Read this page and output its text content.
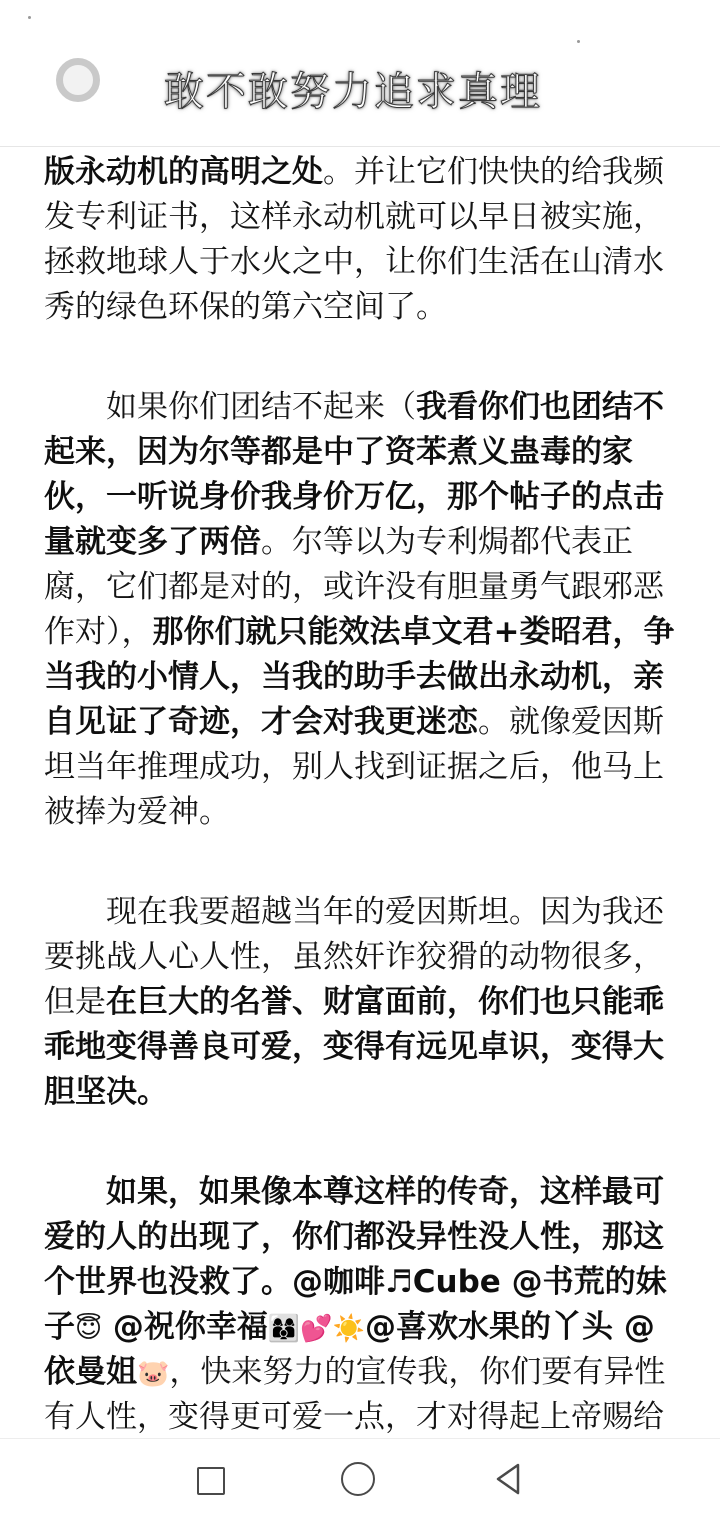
敢不敢努力追求真理

版永动机的高明之处。并让它们快快的给我频发专利证书，这样永动机就可以早日被实施，拯救地球人于水火之中，让你们生活在山清水秀的绿色环保的第六空间了。

如果你们团结不起来（我看你们也团结不起来，因为尔等都是中了资苯煮义蛊毒的家伙，一听说身价我身价万亿，那个帖子的点击量就变多了两倍。尔等以为专利焗都代表正腐，它们都是对的，或许没有胆量勇气跟邪恶作对），那你们就只能效法卓文君+娄昭君，争当我的小情人，当我的助手去做出永动机，亲自见证了奇迹，才会对我更迷恋。就像爱因斯坦当年推理成功，别人找到证据之后，他马上被捧为爱神。

现在我要超越当年的爱因斯坦。因为我还要挑战人心人性，虽然奸诈狡猾的动物很多，但是在巨大的名誉、财富面前，你们也只能乖乖地变得善良可爱，变得有远见卓识，变得大胆坚决。

如果，如果像本尊这样的传奇，这样最可爱的人的出现了，你们都没异性没人性，那这个世界也没救了。@咖啡♬Cube @书荒的妹子😇 @祝你幸福👩‍👩‍👦💕☀️@喜欢水果的丫头 @依曼姐🐷，快来努力的宣传我，你们要有异性有人性，变得更可爱一点，才对得起上帝赐给
